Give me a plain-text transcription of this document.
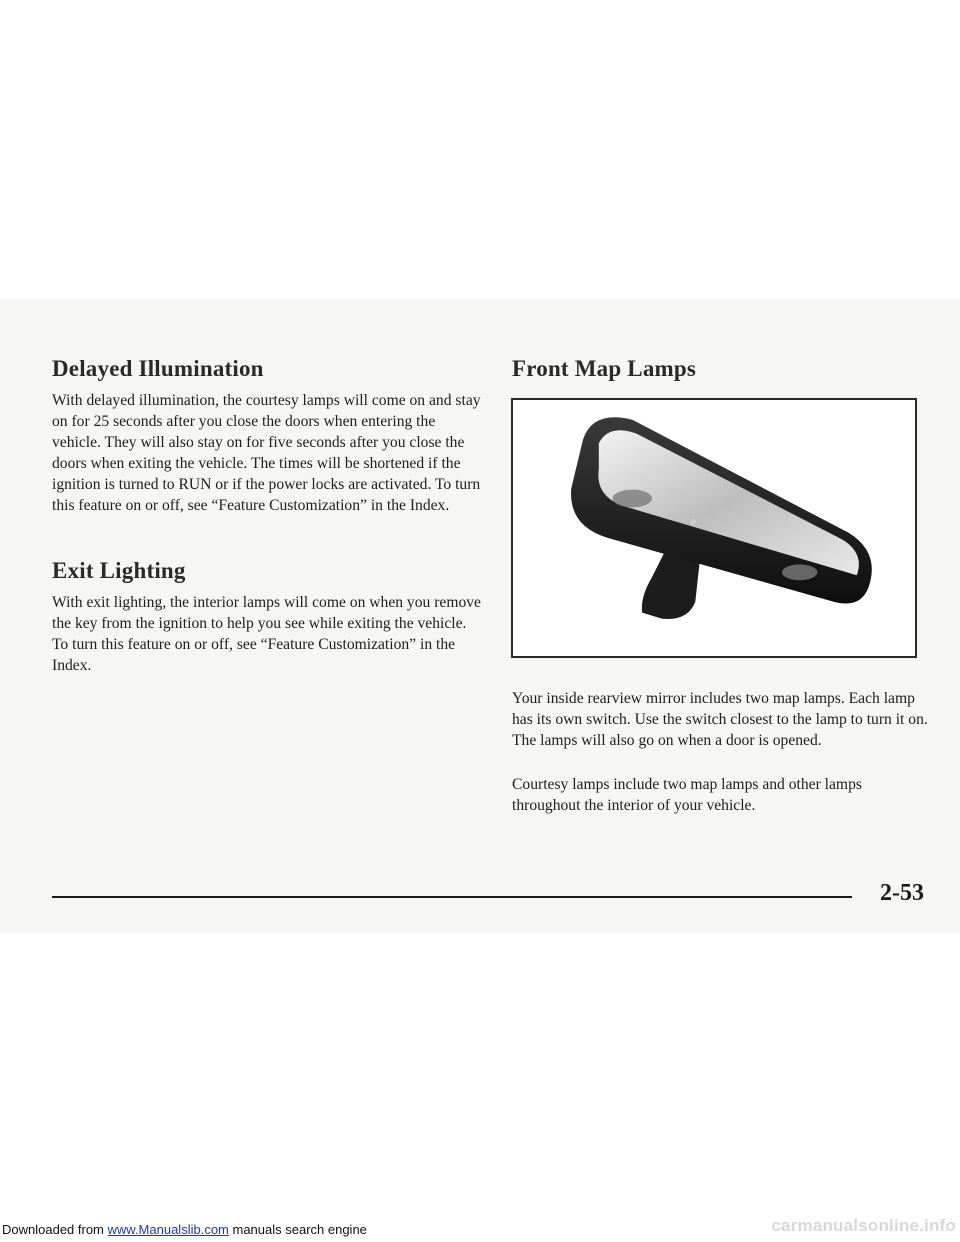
Delayed Illumination

With delayed illumination, the courtesy lamps will come on and stay on for 25 seconds after you close the doors when entering the vehicle. They will also stay on for five seconds after you close the doors when exiting the vehicle. The times will be shortened if the ignition is turned to RUN or if the power locks are activated. To turn this feature on or off, see “Feature Customization” in the Index.

Exit Lighting

With exit lighting, the interior lamps will come on when you remove the key from the ignition to help you see while exiting the vehicle. To turn this feature on or off, see “Feature Customization” in the Index.

Front Map Lamps

Your inside rearview mirror includes two map lamps. Each lamp has its own switch. Use the switch closest to the lamp to turn it on. The lamps will also go on when a door is opened.

Courtesy lamps include two map lamps and other lamps throughout the interior of your vehicle.

2-53
Downloaded from www.Manualslib.com manuals search engine	carmanualsonline.info
